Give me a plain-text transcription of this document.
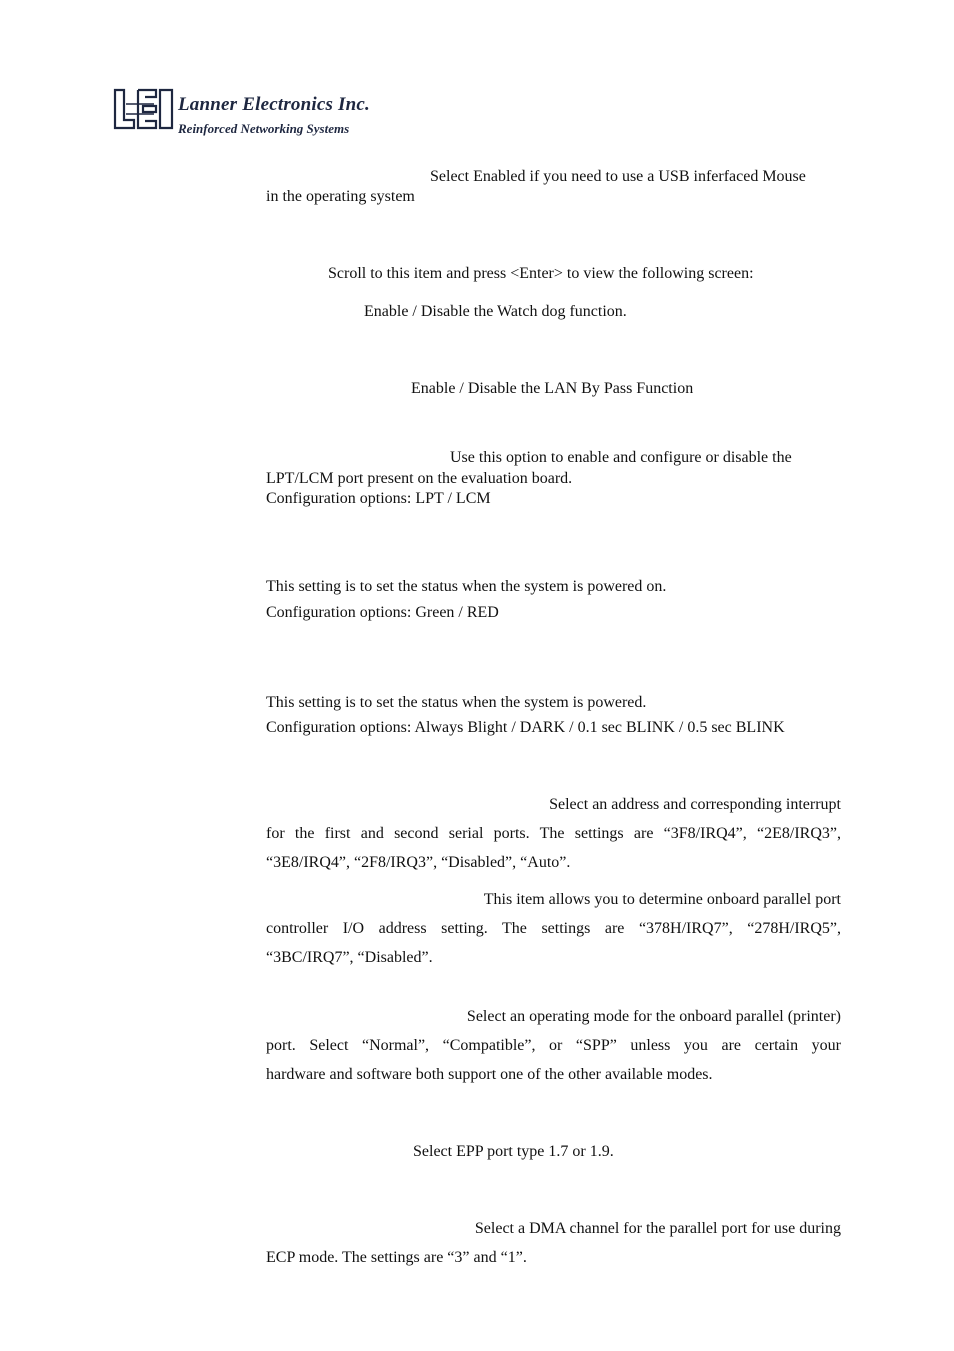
Lanner Electronics Inc.
Reinforced Networking Systems
Select Enabled if you need to use a USB inferfaced Mouse
in the operating system
Scroll to this item and press <Enter> to view the following screen:
Enable / Disable the Watch dog function.
Enable / Disable the LAN By Pass Function
Use this option to enable and configure or disable the
LPT/LCM port present on the evaluation board.
Configuration options: LPT / LCM
This setting is to set the status when the system is powered on.
Configuration options: Green / RED
This setting is to set the status when the system is powered.
Configuration options: Always Blight / DARK / 0.1 sec BLINK / 0.5 sec BLINK
Select an address and corresponding interrupt
for the first and second serial ports. The settings are “3F8/IRQ4”, “2E8/IRQ3”,
“3E8/IRQ4”, “2F8/IRQ3”, “Disabled”, “Auto”.
This item allows you to determine onboard parallel port
controller I/O address setting. The settings are “378H/IRQ7”, “278H/IRQ5”,
“3BC/IRQ7”, “Disabled”.
Select an operating mode for the onboard parallel (printer)
port. Select “Normal”, “Compatible”, or “SPP” unless you are certain your
hardware and software both support one of the other available modes.
Select EPP port type 1.7 or 1.9.
Select a DMA channel for the parallel port for use during
ECP mode. The settings are “3” and “1”.
